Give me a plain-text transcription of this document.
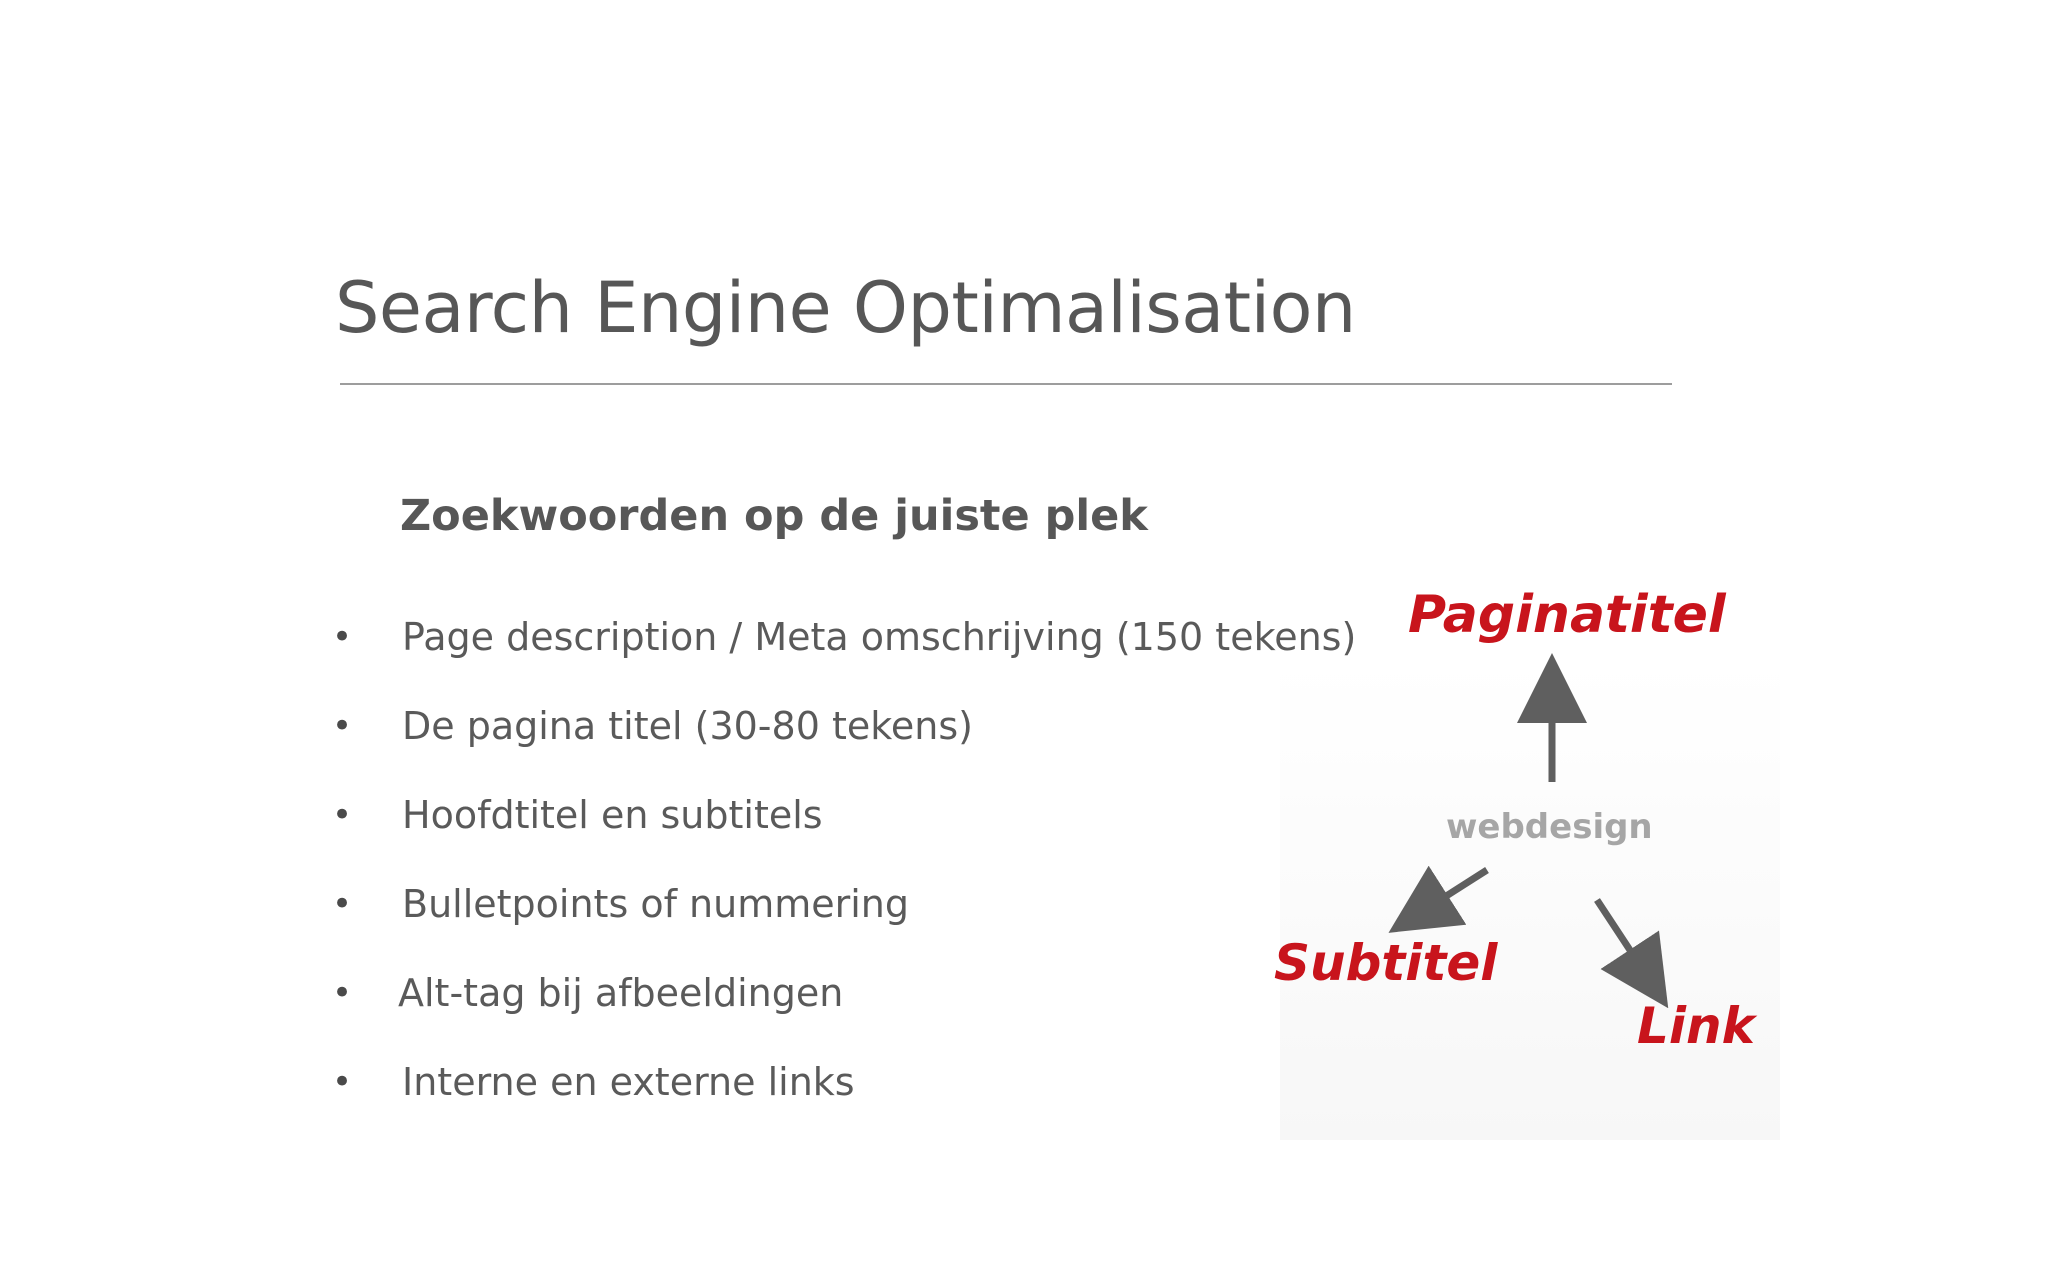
Search Engine Optimalisation
Zoekwoorden op de juiste plek
• Page description / Meta omschrijving (150 tekens)
• De pagina titel (30-80 tekens)
• Hoofdtitel en subtitels
• Bulletpoints of nummering
• Alt-tag bij afbeeldingen
• Interne en externe links
Paginatitel
Subtitel
Link
webdesign
